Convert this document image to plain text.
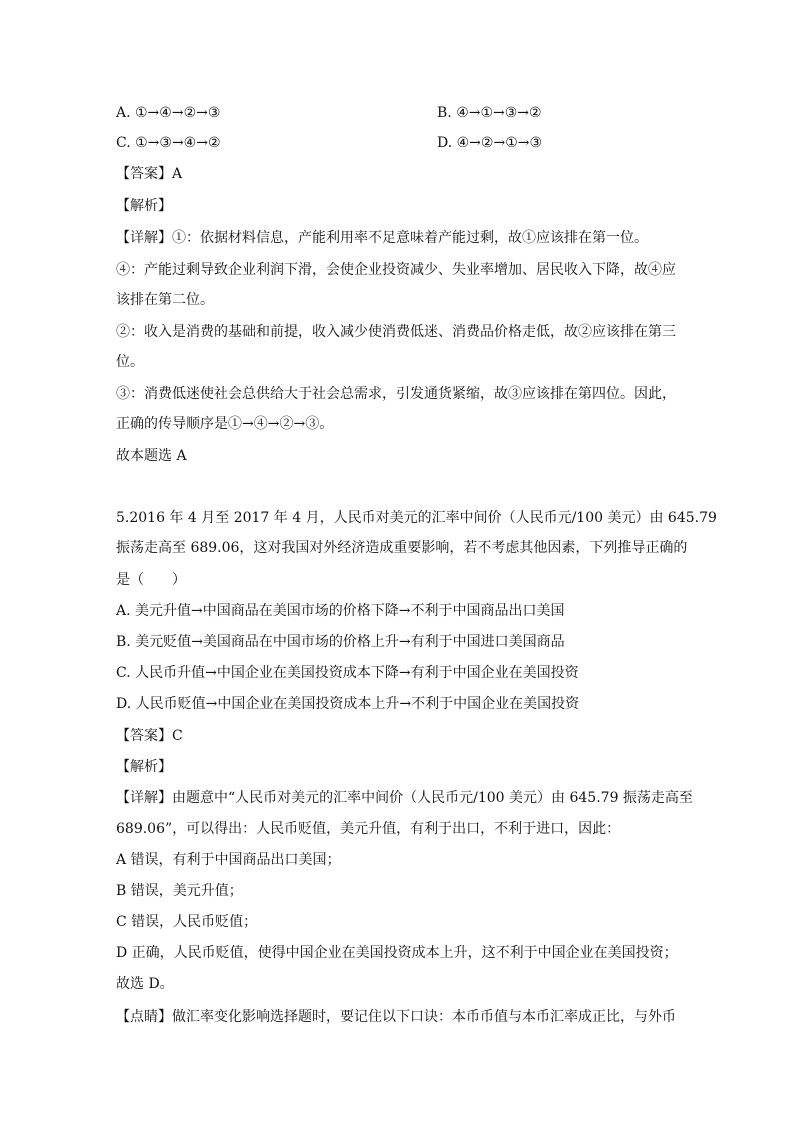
A. ①→④→②→③	B. ④→①→③→②
C. ①→③→④→②	D. ④→②→①→③
【答案】A
【解析】
【详解】①：依据材料信息，产能利用率不足意味着产能过剩，故①应该排在第一位。
④：产能过剩导致企业利润下滑，会使企业投资减少、失业率增加、居民收入下降，故④应
该排在第二位。
②：收入是消费的基础和前提，收入减少使消费低迷、消费品价格走低，故②应该排在第三
位。
③：消费低迷使社会总供给大于社会总需求，引发通货紧缩，故③应该排在第四位。因此，
正确的传导顺序是①→④→②→③。
故本题选 A
5.2016 年 4 月至 2017 年 4 月，人民币对美元的汇率中间价（人民币元/100 美元）由 645.79
振荡走高至 689.06，这对我国对外经济造成重要影响，若不考虑其他因素，下列推导正确的
是（　　）
A. 美元升值→中国商品在美国市场的价格下降→不利于中国商品出口美国
B. 美元贬值→美国商品在中国市场的价格上升→有利于中国进口美国商品
C. 人民币升值→中国企业在美国投资成本下降→有利于中国企业在美国投资
D. 人民币贬值→中国企业在美国投资成本上升→不利于中国企业在美国投资
【答案】C
【解析】
【详解】由题意中“人民币对美元的汇率中间价（人民币元/100 美元）由 645.79 振荡走高至
689.06”，可以得出：人民币贬值，美元升值，有利于出口，不利于进口，因此：
A 错误，有利于中国商品出口美国；
B 错误，美元升值；
C 错误，人民币贬值；
D 正确，人民币贬值，使得中国企业在美国投资成本上升，这不利于中国企业在美国投资；
故选 D。
【点睛】做汇率变化影响选择题时，要记住以下口诀：本币币值与本币汇率成正比，与外币
